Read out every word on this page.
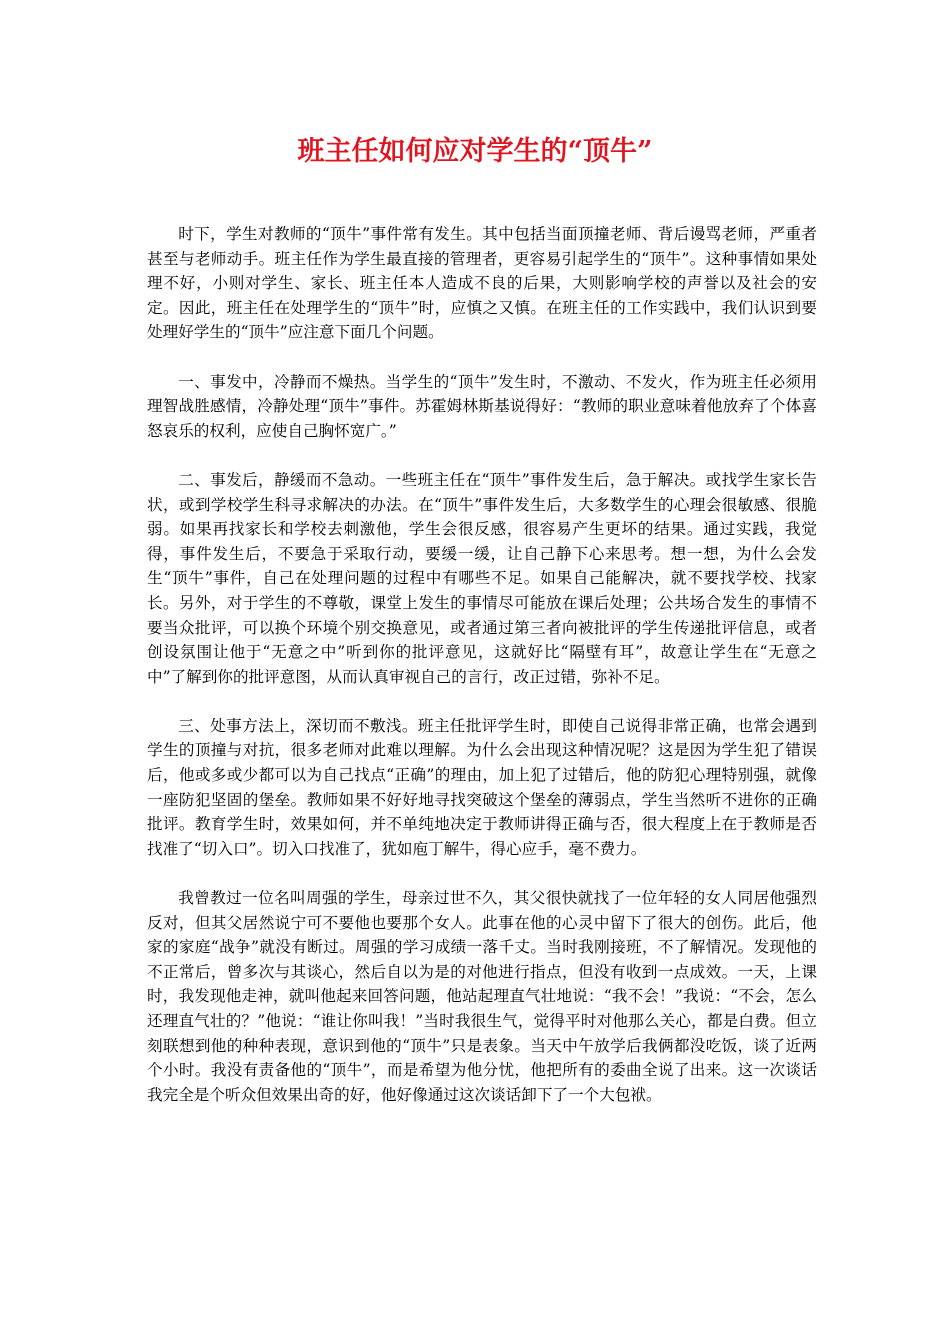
班主任如何应对学生的“顶牛”

时下，学生对教师的“顶牛”事件常有发生。其中包括当面顶撞老师、背后谩骂老师，严重者甚至与老师动手。班主任作为学生最直接的管理者，更容易引起学生的“顶牛”。这种事情如果处理不好，小则对学生、家长、班主任本人造成不良的后果，大则影响学校的声誉以及社会的安定。因此，班主任在处理学生的“顶牛”时，应慎之又慎。在班主任的工作实践中，我们认识到要处理好学生的“顶牛”应注意下面几个问题。

一、事发中，冷静而不燥热。当学生的“顶牛”发生时，不激动、不发火，作为班主任必须用理智战胜感情，冷静处理“顶牛”事件。苏霍姆林斯基说得好：“教师的职业意味着他放弃了个体喜怒哀乐的权利，应使自己胸怀宽广。”

二、事发后，静缓而不急动。一些班主任在“顶牛”事件发生后，急于解决。或找学生家长告状，或到学校学生科寻求解决的办法。在“顶牛”事件发生后，大多数学生的心理会很敏感、很脆弱。如果再找家长和学校去刺激他，学生会很反感，很容易产生更坏的结果。通过实践，我觉得，事件发生后，不要急于采取行动，要缓一缓，让自己静下心来思考。想一想，为什么会发生“顶牛”事件，自己在处理问题的过程中有哪些不足。如果自己能解决，就不要找学校、找家长。另外，对于学生的不尊敬，课堂上发生的事情尽可能放在课后处理；公共场合发生的事情不要当众批评，可以换个环境个别交换意见，或者通过第三者向被批评的学生传递批评信息，或者创设氛围让他于“无意之中”听到你的批评意见，这就好比“隔壁有耳”，故意让学生在“无意之中”了解到你的批评意图，从而认真审视自己的言行，改正过错，弥补不足。

三、处事方法上，深切而不敷浅。班主任批评学生时，即使自己说得非常正确，也常会遇到学生的顶撞与对抗，很多老师对此难以理解。为什么会出现这种情况呢？这是因为学生犯了错误后，他或多或少都可以为自己找点“正确”的理由，加上犯了过错后，他的防犯心理特别强，就像一座防犯坚固的堡垒。教师如果不好好地寻找突破这个堡垒的薄弱点，学生当然听不进你的正确批评。教育学生时，效果如何，并不单纯地决定于教师讲得正确与否，很大程度上在于教师是否找准了“切入口”。切入口找准了，犹如庖丁解牛，得心应手，毫不费力。

我曾教过一位名叫周强的学生，母亲过世不久，其父很快就找了一位年轻的女人同居他强烈反对，但其父居然说宁可不要他也要那个女人。此事在他的心灵中留下了很大的创伤。此后，他家的家庭“战争”就没有断过。周强的学习成绩一落千丈。当时我刚接班，不了解情况。发现他的不正常后，曾多次与其谈心，然后自以为是的对他进行指点，但没有收到一点成效。一天，上课时，我发现他走神，就叫他起来回答问题，他站起理直气壮地说：“我不会！”我说：“不会，怎么还理直气壮的？”他说：“谁让你叫我！”当时我很生气，觉得平时对他那么关心，都是白费。但立刻联想到他的种种表现，意识到他的“顶牛”只是表象。当天中午放学后我俩都没吃饭，谈了近两个小时。我没有责备他的“顶牛”，而是希望为他分忧，他把所有的委曲全说了出来。这一次谈话我完全是个听众但效果出奇的好，他好像通过这次谈话卸下了一个大包袱。
